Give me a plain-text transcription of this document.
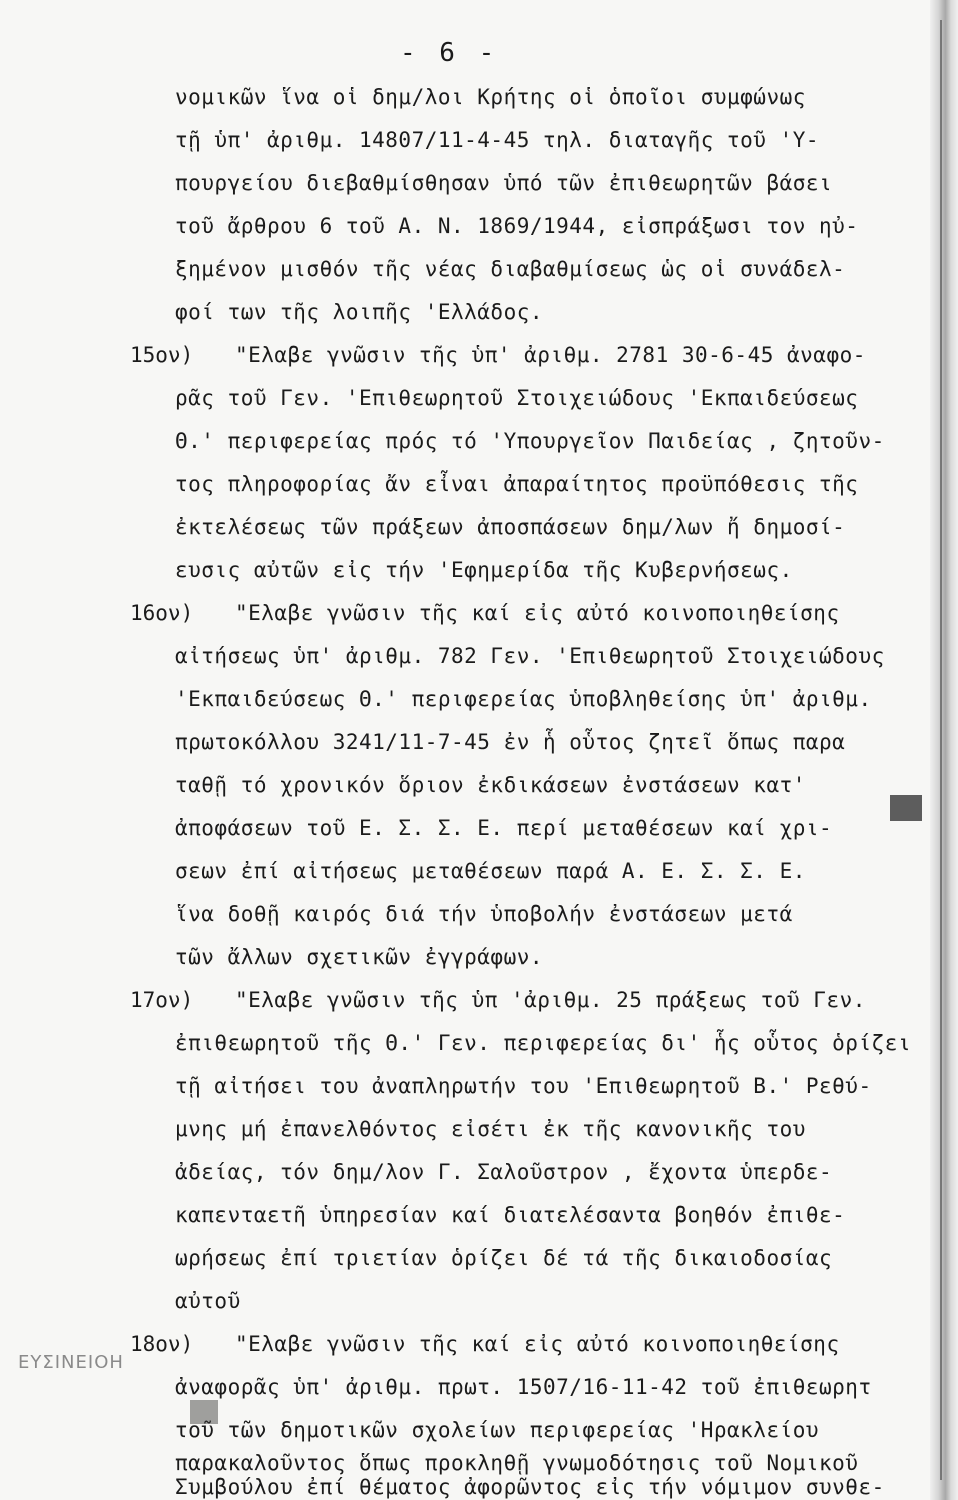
- 6 -
νομικῶν ἵνα οἱ δημ/λοι Κρήτης οἱ ὁποῖοι συμφώνως
τῇ ὑπ' ἀριθμ. 14807/11-4-45 τηλ. διαταγῆς τοῦ 'Υ-
πουργείου διεβαθμίσθησαν ὑπό τῶν ἐπιθεωρητῶν βάσει
τοῦ ἄρθρου 6 τοῦ Α. Ν. 1869/1944, εἰσπράξωσι τον ηὐ-
ξημένον μισθόν τῆς νέας διαβαθμίσεως ὡς οἱ συνάδελ-
φοί των τῆς λοιπῆς 'Ελλάδος.
15ον) "Ελαβε γνῶσιν τῆς ὑπ' ἀριθμ. 2781 30-6-45 ἀναφο-
ρᾶς τοῦ Γεν. 'Επιθεωρητοῦ Στοιχειώδους 'Εκπαιδεύσεως
Θ.' περιφερείας πρός τό 'Υπουργεῖον Παιδείας , ζητοῦν-
τος πληροφορίας ἄν εἶναι ἀπαραίτητος προϋπόθεσις τῆς
ἐκτελέσεως τῶν πράξεων ἀποσπάσεων δημ/λων ἤ δημοσί-
ευσις αὐτῶν εἰς τήν 'Εφημερίδα τῆς Κυβερνήσεως.
16ον) "Ελαβε γνῶσιν τῆς καί εἰς αὐτό κοινοποιηθείσης
αἰτήσεως ὑπ' ἀριθμ. 782 Γεν. 'Επιθεωρητοῦ Στοιχειώδους
'Εκπαιδεύσεως Θ.' περιφερείας ὑποβληθείσης ὑπ' ἀριθμ.
πρωτοκόλλου 3241/11-7-45 ἐν ἧ οὗτος ζητεῖ ὅπως παρα
ταθῇ τό χρονικόν ὅριον ἐκδικάσεων ἐνστάσεων κατ'
ἀποφάσεων τοῦ Ε. Σ. Σ. Ε. περί μεταθέσεων καί χρι-
σεων ἐπί αἰτήσεως μεταθέσεων παρά Α. Ε. Σ. Σ. Ε.
ἵνα δοθῇ καιρός διά τήν ὑποβολήν ἐνστάσεων μετά
τῶν ἄλλων σχετικῶν ἐγγράφων.
17ον) "Ελαβε γνῶσιν τῆς ὑπ 'ἀριθμ. 25 πράξεως τοῦ Γεν.
ἐπιθεωρητοῦ τῆς Θ.' Γεν. περιφερείας δι' ἧς οὗτος ὁρίζει
τῇ αἰτήσει του ἀναπληρωτήν του 'Επιθεωρητοῦ Β.' Ρεθύ-
μνης μή ἐπανελθόντος εἰσέτι ἐκ τῆς κανονικῆς του
ἀδείας, τόν δημ/λον Γ. Σαλοῦστρον , ἔχοντα ὑπερδε-
καπενταετῆ ὑπηρεσίαν καί διατελέσαντα βοηθόν ἐπιθε-
ωρήσεως ἐπί τριετίαν ὁρίζει δέ τά τῆς δικαιοδοσίας
αὐτοῦ
18ον) "Ελαβε γνῶσιν τῆς καί εἰς αὐτό κοινοποιηθείσης
ἀναφορᾶς ὑπ' ἀριθμ. πρωτ. 1507/16-11-42 τοῦ ἐπιθεωρητ
τοῦ τῶν δημοτικῶν σχολείων περιφερείας 'Ηρακλείου
παρακαλοῦντος ὅπως προκληθῇ γνωμοδότησις τοῦ Νομικοῦ
Συμβούλου ἐπί θέματος ἀφορῶντος εἰς τήν νόμιμον συνθε-
ΕΥΣΙΝΕΙΟΗ
